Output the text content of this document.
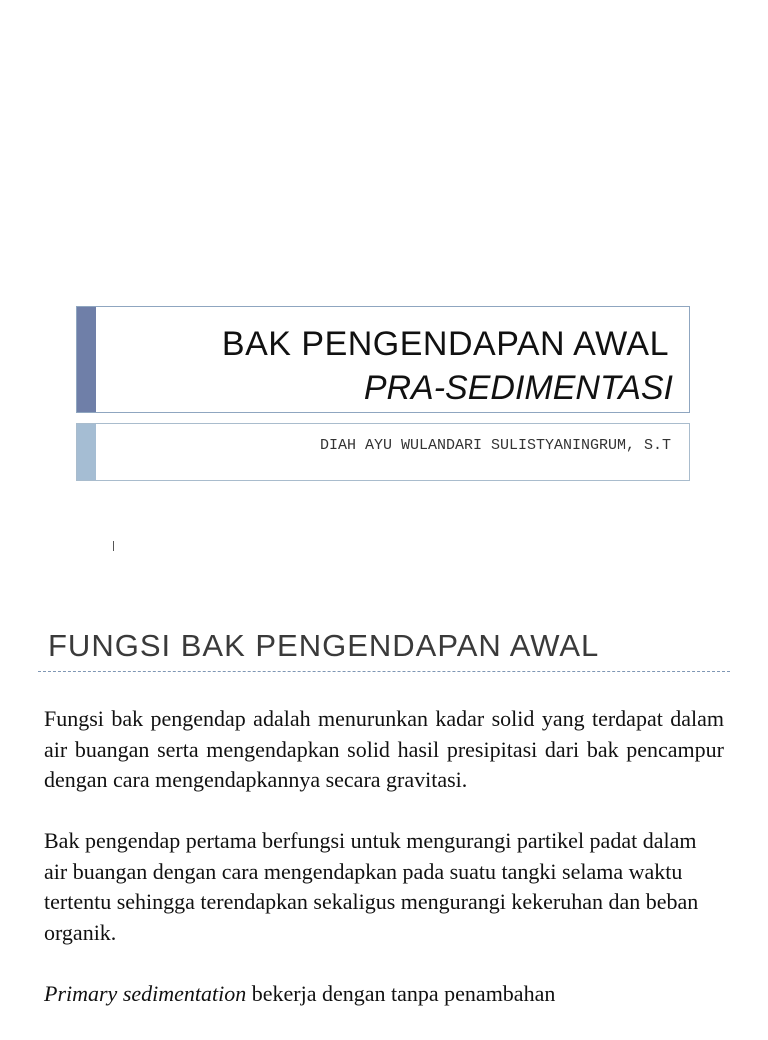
BAK PENGENDAPAN AWAL
PRA-SEDIMENTASI
DIAH AYU WULANDARI SULISTYANINGRUM, S.T
FUNGSI BAK PENGENDAPAN AWAL

Fungsi bak pengendap adalah menurunkan kadar solid yang terdapat dalam air buangan serta mengendapkan solid hasil presipitasi dari bak pencampur dengan cara mengendapkannya secara gravitasi.

Bak pengendap pertama berfungsi untuk mengurangi partikel padat dalam air buangan dengan cara mengendapkan pada suatu tangki selama waktu tertentu sehingga terendapkan sekaligus mengurangi kekeruhan dan beban organik.

Primary sedimentation bekerja dengan tanpa penambahan
